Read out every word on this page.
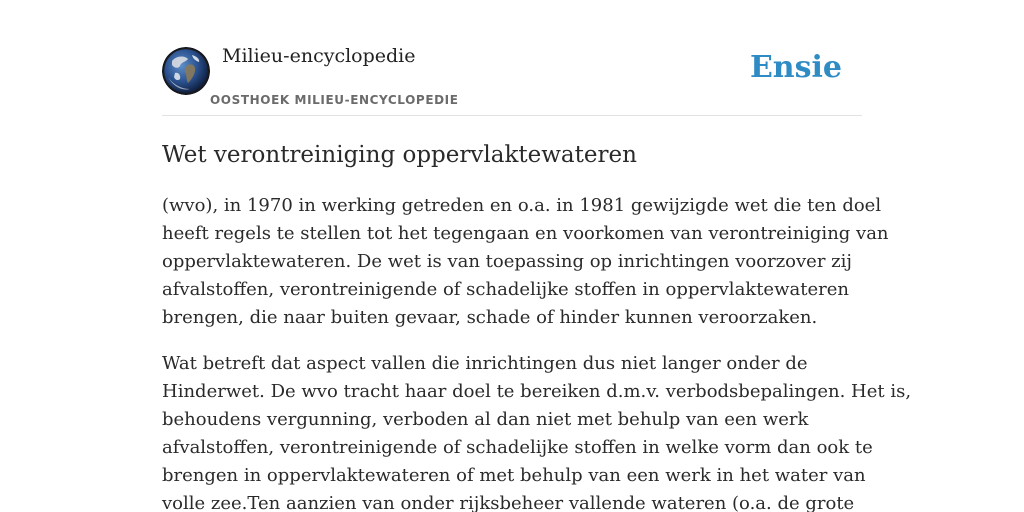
Milieu-encyclopedie
OOSTHOEK MILIEU-ENCYCLOPEDIE
Ensie
Wet verontreiniging oppervlaktewateren
(wvo), in 1970 in werking getreden en o.a. in 1981 gewijzigde wet die ten doel
heeft regels te stellen tot het tegengaan en voorkomen van verontreiniging van
oppervlaktewateren. De wet is van toepassing op inrichtingen voorzover zij
afvalstoffen, verontreinigende of schadelijke stoffen in oppervlaktewateren
brengen, die naar buiten gevaar, schade of hinder kunnen veroorzaken.
Wat betreft dat aspect vallen die inrichtingen dus niet langer onder de
Hinderwet. De wvo tracht haar doel te bereiken d.m.v. verbodsbepalingen. Het is,
behoudens vergunning, verboden al dan niet met behulp van een werk
afvalstoffen, verontreinigende of schadelijke stoffen in welke vorm dan ook te
brengen in oppervlaktewateren of met behulp van een werk in het water van
volle zee.Ten aanzien van onder rijksbeheer vallende wateren (o.a. de grote
